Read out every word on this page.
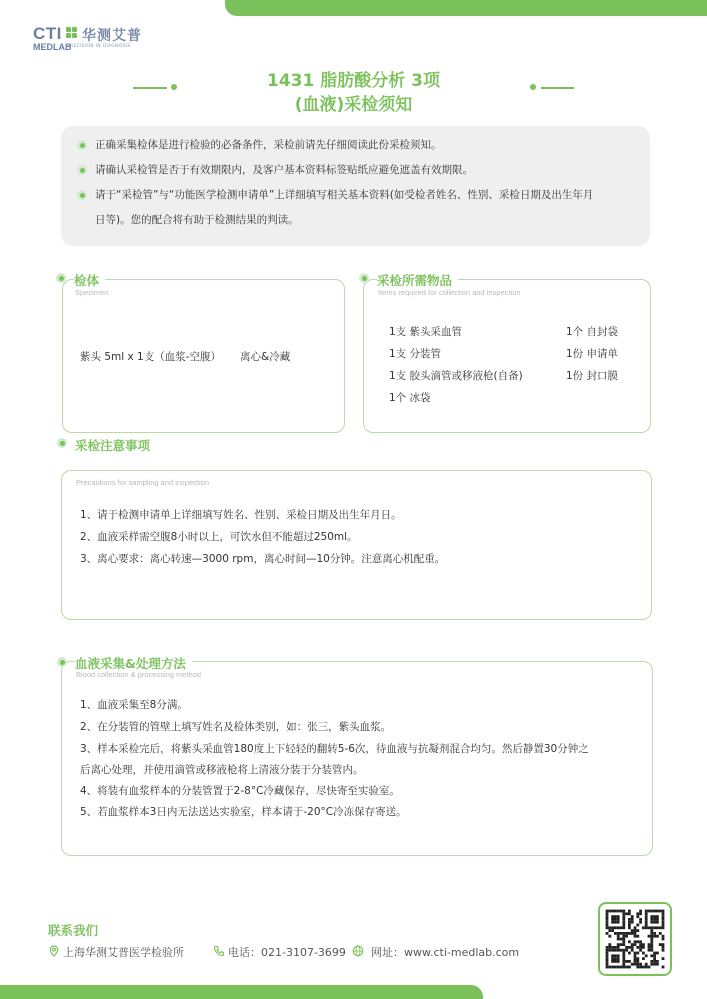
CTI 华测艾普
MEDLAB
PRECISION IN DIAGNOSIS
1431 脂肪酸分析 3项
(血液)采检须知
正确采集检体是进行检验的必备条件，采检前请先仔细阅读此份采检须知。
请确认采检管是否于有效期限内，及客户基本资料标签贴纸应避免遮盖有效期限。
请于“采检管”与“功能医学检测申请单”上详细填写相关基本资料(如受检者姓名、性别、采检日期及出生年月
日等)。您的配合将有助于检测结果的判读。
检体
Specimen
紫头 5ml x 1支（血浆-空腹） 离心&冷藏
采检所需物品
Items required for collection and inspection
1支 紫头采血管
1支 分装管
1支 胶头滴管或移液枪(自备)
1个 冰袋
1个 自封袋
1份 申请单
1份 封口膜
采检注意事项
Precautions for sampling and inspection
1、请于检测申请单上详细填写姓名、性别、采检日期及出生年月日。
2、血液采样需空腹8小时以上，可饮水但不能超过250ml。
3、离心要求：离心转速—3000 rpm，离心时间—10分钟。注意离心机配重。
血液采集&处理方法
Blood collection & processing method
1、血液采集至8分满。
2、在分装管的管壁上填写姓名及检体类别，如：张三，紫头血浆。
3、样本采检完后，将紫头采血管180度上下轻轻的翻转5-6次，待血液与抗凝剂混合均匀。然后静置30分钟之
后离心处理，并使用滴管或移液枪将上清液分装于分装管内。
4、将装有血浆样本的分装管置于2-8°C冷藏保存，尽快寄至实验室。
5、若血浆样本3日内无法送达实验室，样本请于-20°C冷冻保存寄送。
联系我们
上海华测艾普医学检验所	电话：021-3107-3699 网址：www.cti-medlab.com
